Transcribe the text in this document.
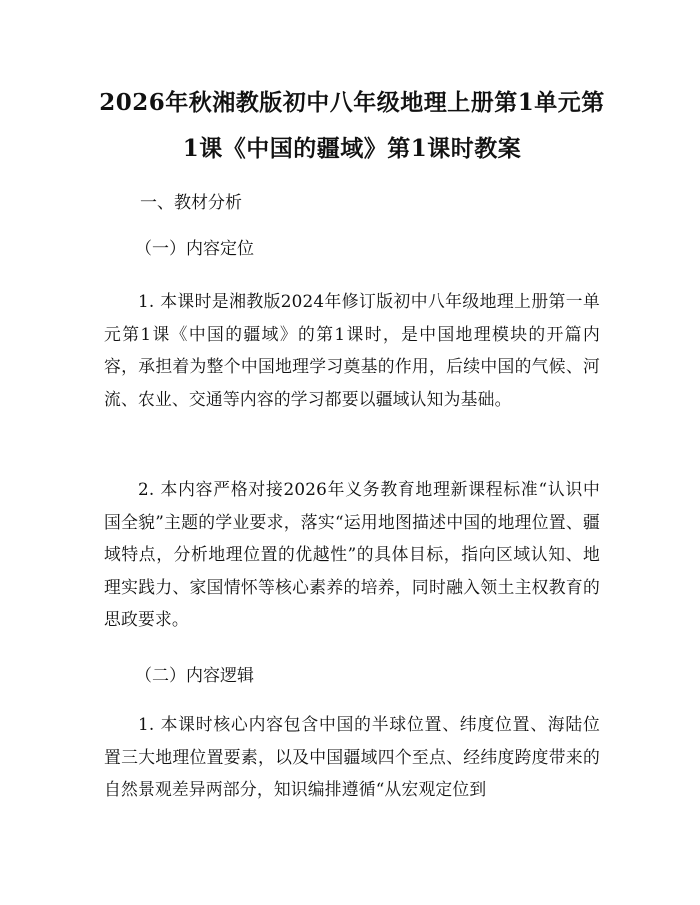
2026年秋湘教版初中八年级地理上册第1单元第1课《中国的疆域》第1课时教案

一、教材分析

（一）内容定位

1. 本课时是湘教版2024年修订版初中八年级地理上册第一单元第1课《中国的疆域》的第1课时，是中国地理模块的开篇内容，承担着为整个中国地理学习奠基的作用，后续中国的气候、河流、农业、交通等内容的学习都要以疆域认知为基础。

2. 本内容严格对接2026年义务教育地理新课程标准“认识中国全貌”主题的学业要求，落实“运用地图描述中国的地理位置、疆域特点，分析地理位置的优越性”的具体目标，指向区域认知、地理实践力、家国情怀等核心素养的培养，同时融入领土主权教育的思政要求。

（二）内容逻辑

1. 本课时核心内容包含中国的半球位置、纬度位置、海陆位置三大地理位置要素，以及中国疆域四个至点、经纬度跨度带来的自然景观差异两部分，知识编排遵循“从宏观定位到
